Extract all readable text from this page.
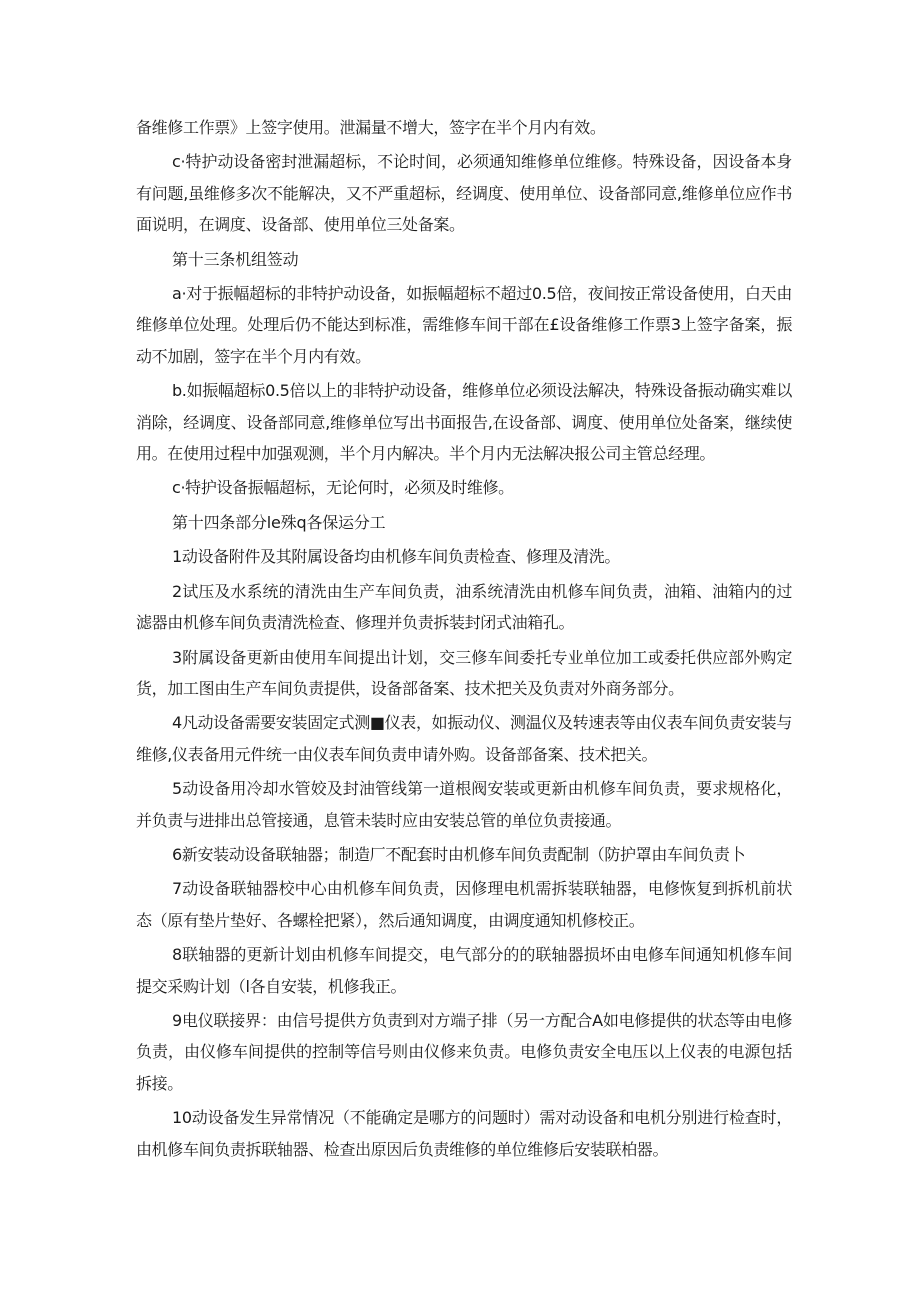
备维修工作票》上签字使用。泄漏量不增大，签字在半个月内有效。

c·特护动设备密封泄漏超标，不论时间，必须通知维修单位维修。特殊设备，因设备本身有问题,虽维修多次不能解决，又不严重超标，经调度、使用单位、设备部同意,维修单位应作书面说明，在调度、设备部、使用单位三处备案。

第十三条机组签动

a·对于振幅超标的非特护动设备，如振幅超标不超过0.5倍，夜间按正常设备使用，白天由维修单位处理。处理后仍不能达到标准，需维修车间干部在£设备维修工作票3上签字备案，振动不加剧，签字在半个月内有效。

b.如振幅超标0.5倍以上的非特护动设备，维修单位必须设法解决，特殊设备振动确实难以消除，经调度、设备部同意,维修单位写出书面报告,在设备部、调度、使用单位处备案，继续使用。在使用过程中加强观测，半个月内解决。半个月内无法解决报公司主管总经理。

c·特护设备振幅超标，无论何时，必须及时维修。

第十四条部分le殊q各保运分工

1动设备附件及其附属设备均由机修车间负责检查、修理及清洗。

2试压及水系统的清洗由生产车间负责，油系统清洗由机修车间负责，油箱、油箱内的过滤器由机修车间负责清洗检查、修理并负责拆装封闭式油箱孔。

3附属设备更新由使用车间提出计划，交三修车间委托专业单位加工或委托供应部外购定货，加工图由生产车间负责提供，设备部备案、技术把关及负责对外商务部分。

4凡动设备需要安装固定式测■仪表，如振动仪、测温仪及转速表等由仪表车间负责安装与维修,仪表备用元件统一由仪表车间负责申请外购。设备部备案、技术把关。

5动设备用冷却水管姣及封油管线第一道根阀安装或更新由机修车间负责，要求规格化，并负责与进排出总管接通，息管未装时应由安装总管的单位负责接通。

6新安装动设备联轴器；制造厂不配套时由机修车间负责配制（防护罩由车间负责卜

7动设备联轴器校中心由机修车间负责，因修理电机需拆装联轴器，电修恢复到拆机前状态（原有垫片垫好、各螺栓把紧），然后通知调度，由调度通知机修校正。

8联轴器的更新计划由机修车间提交，电气部分的的联轴器损坏由电修车间通知机修车间提交采购计划（l各自安装，机修我正。

9电仪联接界：由信号提供方负责到对方端子排（另一方配合A如电修提供的状态等由电修负责，由仪修车间提供的控制等信号则由仪修来负责。电修负责安全电压以上仪表的电源包括拆接。

10动设备发生异常情况（不能确定是哪方的问题时）需对动设备和电机分别进行检查时，由机修车间负责拆联轴器、检查出原因后负责维修的单位维修后安装联柏器。
